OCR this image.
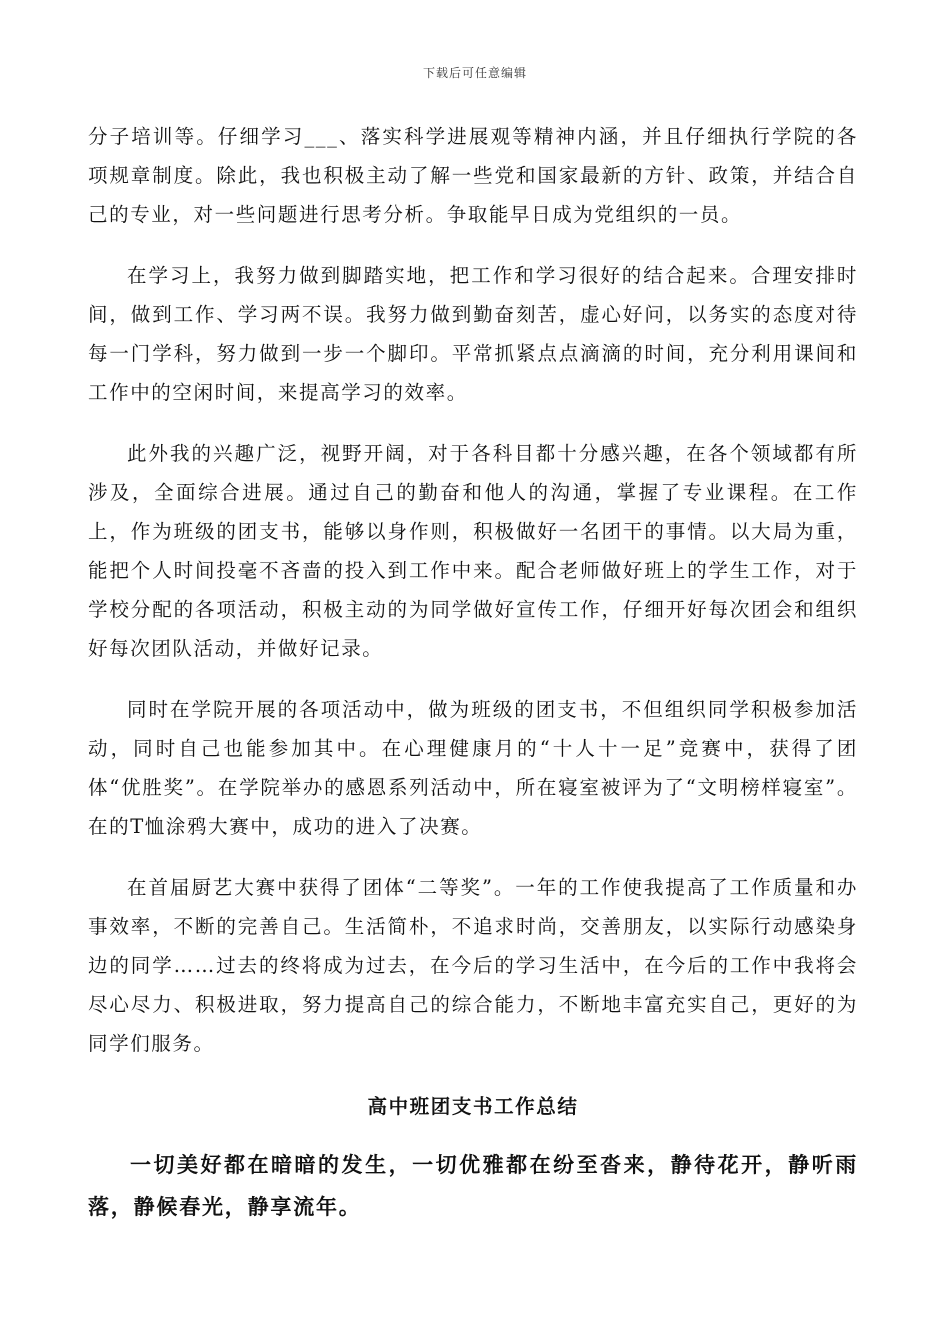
下载后可任意编辑

分子培训等。仔细学习___、落实科学进展观等精神内涵，并且仔细执行学院的各项规章制度。除此，我也积极主动了解一些党和国家最新的方针、政策，并结合自己的专业，对一些问题进行思考分析。争取能早日成为党组织的一员。

在学习上，我努力做到脚踏实地，把工作和学习很好的结合起来。合理安排时间，做到工作、学习两不误。我努力做到勤奋刻苦，虚心好问，以务实的态度对待每一门学科，努力做到一步一个脚印。平常抓紧点点滴滴的时间，充分利用课间和工作中的空闲时间，来提高学习的效率。

此外我的兴趣广泛，视野开阔，对于各科目都十分感兴趣，在各个领域都有所涉及，全面综合进展。通过自己的勤奋和他人的沟通，掌握了专业课程。在工作上，作为班级的团支书，能够以身作则，积极做好一名团干的事情。以大局为重，能把个人时间投毫不吝啬的投入到工作中来。配合老师做好班上的学生工作，对于学校分配的各项活动，积极主动的为同学做好宣传工作，仔细开好每次团会和组织好每次团队活动，并做好记录。

同时在学院开展的各项活动中，做为班级的团支书，不但组织同学积极参加活动，同时自己也能参加其中。在心理健康月的“十人十一足”竞赛中，获得了团体“优胜奖”。在学院举办的感恩系列活动中，所在寝室被评为了“文明榜样寝室”。在的T恤涂鸦大赛中，成功的进入了决赛。

在首届厨艺大赛中获得了团体“二等奖”。一年的工作使我提高了工作质量和办事效率，不断的完善自己。生活简朴，不追求时尚，交善朋友，以实际行动感染身边的同学……过去的终将成为过去，在今后的学习生活中，在今后的工作中我将会尽心尽力、积极进取，努力提高自己的综合能力，不断地丰富充实自己，更好的为同学们服务。

高中班团支书工作总结

一切美好都在暗暗的发生，一切优雅都在纷至沓来，静待花开，静听雨落，静候春光，静享流年。
